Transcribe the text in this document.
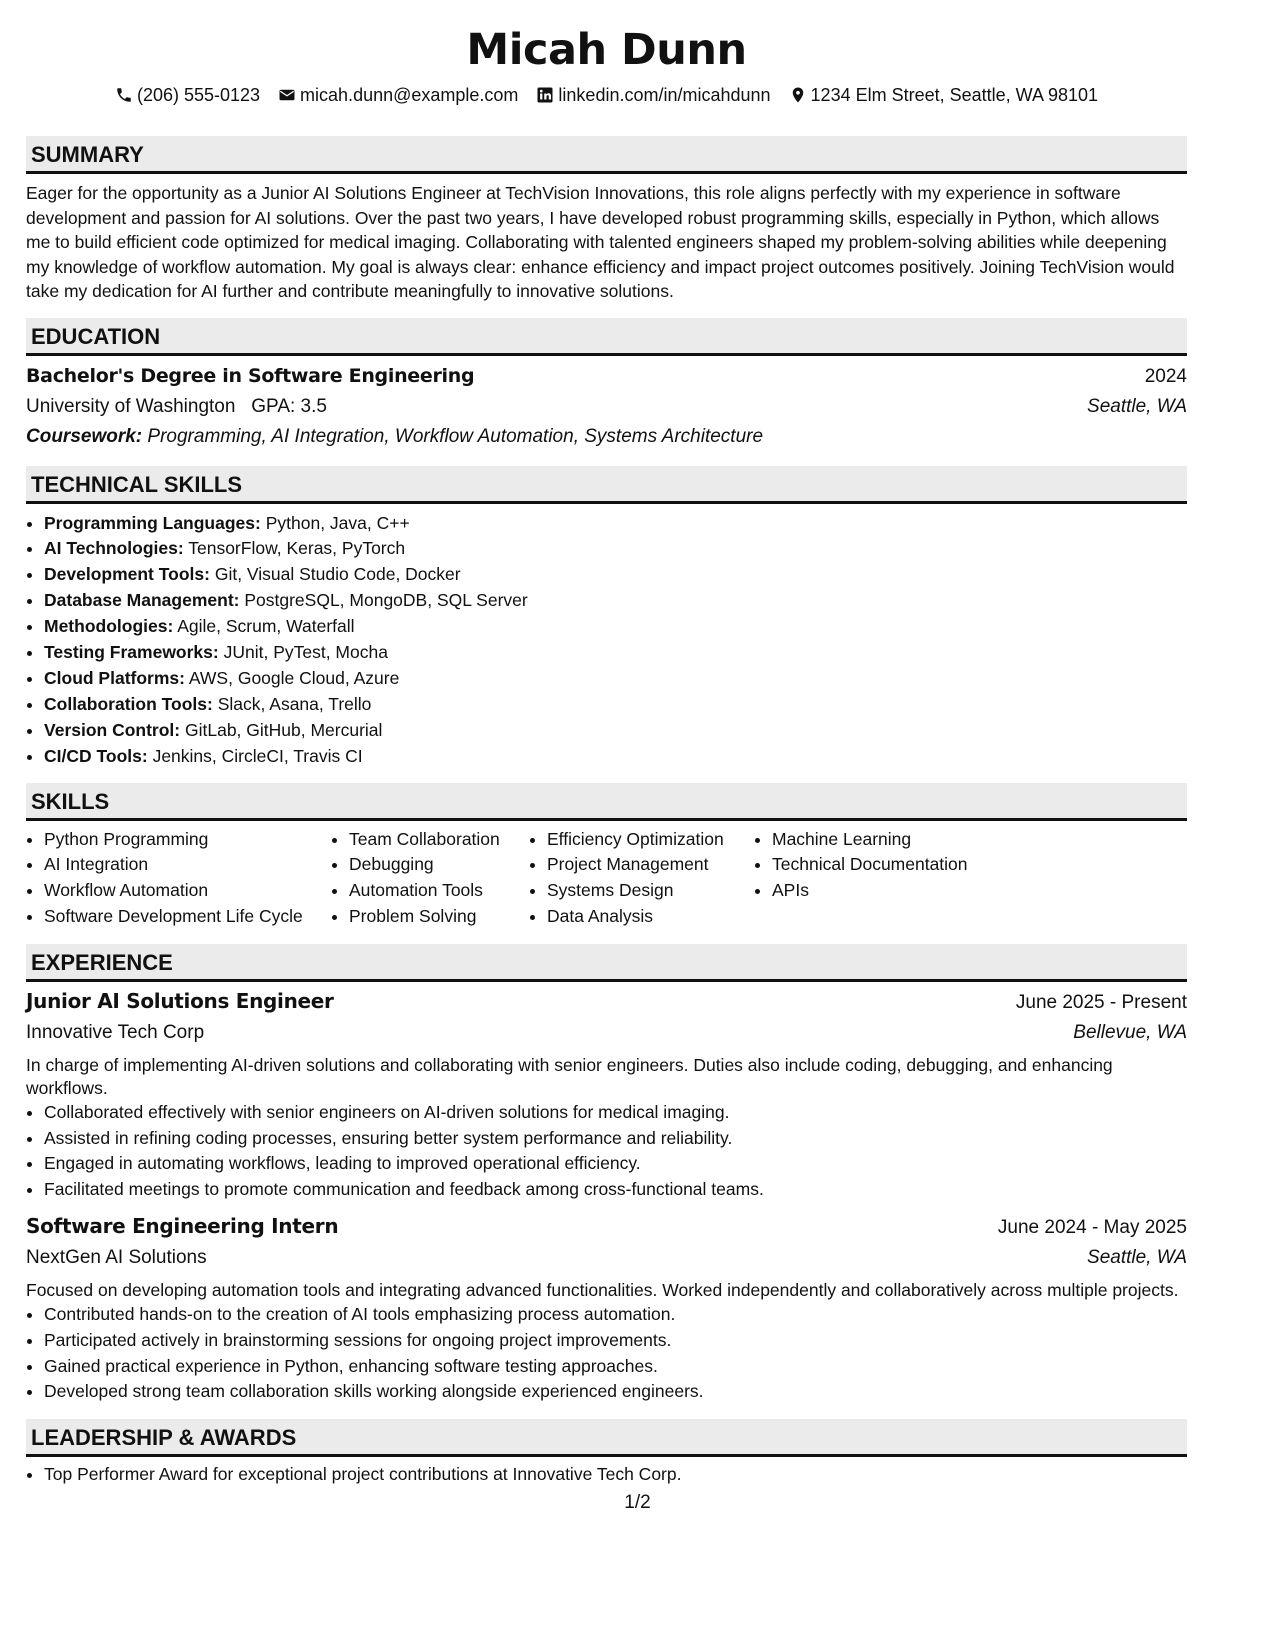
Micah Dunn
(206) 555-0123 micah.dunn@example.com linkedin.com/in/micahdunn 1234 Elm Street, Seattle, WA 98101
SUMMARY

Eager for the opportunity as a Junior AI Solutions Engineer at TechVision Innovations, this role aligns perfectly with my experience in software development and passion for AI solutions. Over the past two years, I have developed robust programming skills, especially in Python, which allows me to build efficient code optimized for medical imaging. Collaborating with talented engineers shaped my problem-solving abilities while deepening my knowledge of workflow automation. My goal is always clear: enhance efficiency and impact project outcomes positively. Joining TechVision would take my dedication for AI further and contribute meaningfully to innovative solutions.

EDUCATION
Bachelor's Degree in Software Engineering	2024
University of Washington GPA: 3.5	Seattle, WA
Coursework: Programming, AI Integration, Workflow Automation, Systems Architecture
TECHNICAL SKILLS
• Programming Languages: Python, Java, C++
• AI Technologies: TensorFlow, Keras, PyTorch
• Development Tools: Git, Visual Studio Code, Docker
• Database Management: PostgreSQL, MongoDB, SQL Server
• Methodologies: Agile, Scrum, Waterfall
• Testing Frameworks: JUnit, PyTest, Mocha
• Cloud Platforms: AWS, Google Cloud, Azure
• Collaboration Tools: Slack, Asana, Trello
• Version Control: GitLab, GitHub, Mercurial
• CI/CD Tools: Jenkins, CircleCI, Travis CI
SKILLS
• Python Programming
• AI Integration
• Workflow Automation
• Software Development Life Cycle
• Team Collaboration
• Debugging
• Automation Tools
• Problem Solving
• Efficiency Optimization
• Project Management
• Systems Design
• Data Analysis
• Machine Learning
• Technical Documentation
• APIs
EXPERIENCE
Junior AI Solutions Engineer	June 2025 - Present
Innovative Tech Corp	Bellevue, WA

In charge of implementing AI-driven solutions and collaborating with senior engineers. Duties also include coding, debugging, and enhancing workflows.

• Collaborated effectively with senior engineers on AI-driven solutions for medical imaging.
• Assisted in refining coding processes, ensuring better system performance and reliability.
• Engaged in automating workflows, leading to improved operational efficiency.
• Facilitated meetings to promote communication and feedback among cross-functional teams.
Software Engineering Intern	June 2024 - May 2025
NextGen AI Solutions	Seattle, WA

Focused on developing automation tools and integrating advanced functionalities. Worked independently and collaboratively across multiple projects.

• Contributed hands-on to the creation of AI tools emphasizing process automation.
• Participated actively in brainstorming sessions for ongoing project improvements.
• Gained practical experience in Python, enhancing software testing approaches.
• Developed strong team collaboration skills working alongside experienced engineers.
LEADERSHIP & AWARDS
• Top Performer Award for exceptional project contributions at Innovative Tech Corp.
1/2
